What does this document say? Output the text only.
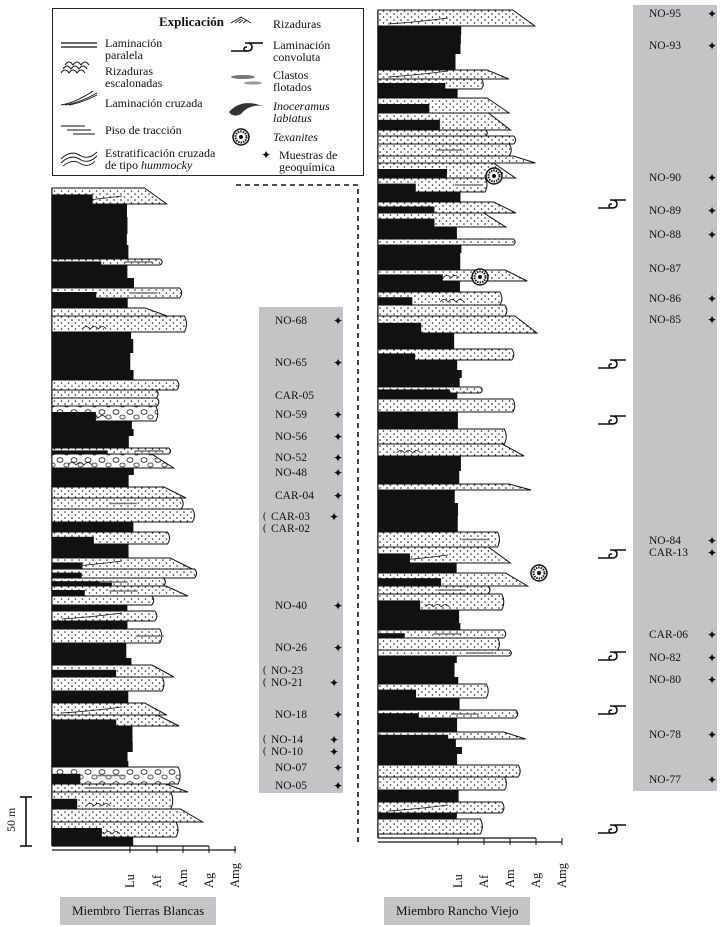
Explicación
Laminación
paralela
Rizaduras
escalonadas
Laminación cruzada
Piso de tracción
Estratificación cruzada
de tipo hummocky
Rizaduras
Laminación
convoluta
Clastos
flotados
Inoceramus
labiatus
Texanites
✦ Muestras de
geoquímica
NO-68 ✦
NO-65 ✦
CAR-05
NO-59 ✦
NO-56 ✦
NO-52 ✦
NO-48 ✦
CAR-04 ✦
( CAR-03 ✦
( CAR-02
NO-40 ✦
NO-26 ✦
( NO-23
( NO-21 ✦
NO-18 ✦
( NO-14 ✦
( NO-10 ✦
NO-07 ✦
NO-05 ✦
NO-95 ✦
NO-93 ✦
NO-90 ✦
NO-89 ✦
NO-88 ✦
NO-87
NO-86 ✦
NO-85 ✦
NO-84 ✦
CAR-13 ✦
CAR-06 ✦
NO-82 ✦
NO-80 ✦
NO-78 ✦
NO-77 ✦
Lu Af Am Ag Amg	Lu Af Am Ag Amg
50 m
Miembro Tierras Blancas	Miembro Rancho Viejo
